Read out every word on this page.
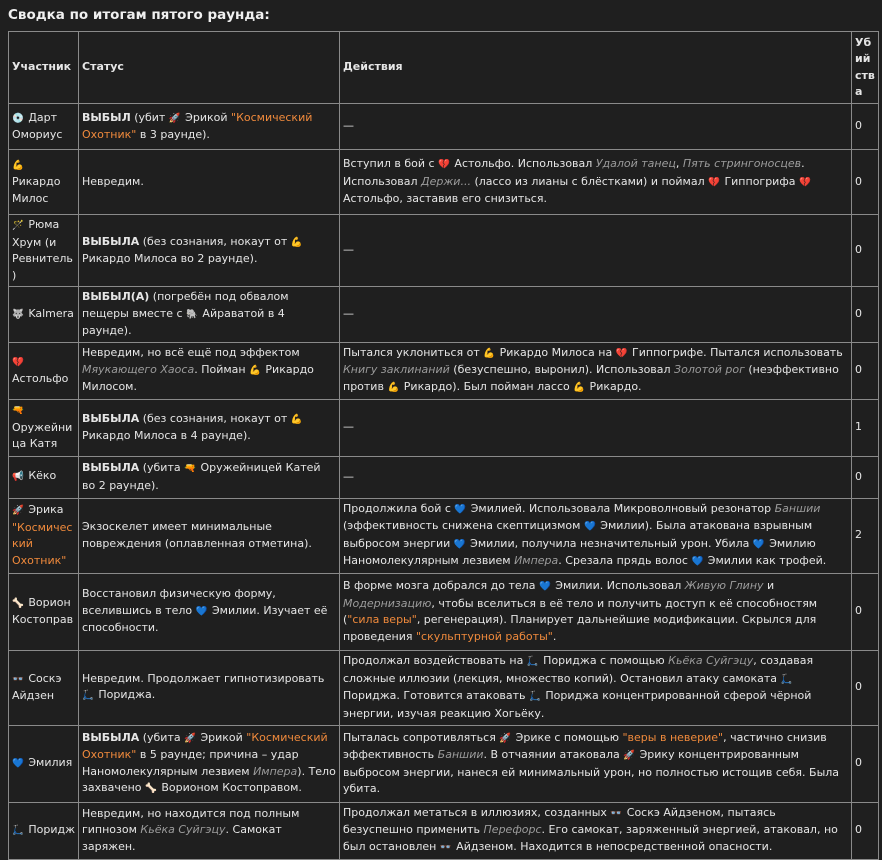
Сводка по итогам пятого раунда:
Участник	Статус	Действия	Убийства
💿 Дарт Омориус	ВЫБЫЛ (убит 🚀 Эрикой "Космический Охотник" в 3 раунде).	—	0
💪 Рикардо Милос	Невредим.	Вступил в бой с 💔 Астольфо. Использовал Удалой танец, Пять стрингоносцев. Использовал Держи... (лассо из лианы с блёстками) и поймал 💔 Гиппогрифа 💔 Астольфо, заставив его снизиться.	0
🪄 Рюма Хрум (и Ревнитель)	ВЫБЫЛА (без сознания, нокаут от 💪 Рикардо Милоса во 2 раунде).	—	0
🐺 Kalmera	ВЫБЫЛ(А) (погребён под обвалом пещеры вместе с 🐘 Айраватой в 4 раунде).	—	0
💔 Астольфо	Невредим, но всё ещё под эффектом Мяукающего Хаоса. Пойман 💪 Рикардо Милосом.	Пытался уклониться от 💪 Рикардо Милоса на 💔 Гиппогрифе. Пытался использовать Книгу заклинаний (безуспешно, выронил). Использовал Золотой рог (неэффективно против 💪 Рикардо). Был пойман лассо 💪 Рикардо.	0
🔫 Оружейница Катя	ВЫБЫЛА (без сознания, нокаут от 💪 Рикардо Милоса в 4 раунде).	—	1
📢 Кёко	ВЫБЫЛА (убита 🔫 Оружейницей Катей во 2 раунде).	—	0
🚀 Эрика "Космический Охотник"	Экзоскелет имеет минимальные повреждения (оплавленная отметина).	Продолжила бой с 💙 Эмилией. Использовала Микроволновый резонатор Баншии (эффективность снижена скептицизмом 💙 Эмилии). Была атакована взрывным выбросом энергии 💙 Эмилии, получила незначительный урон. Убила 💙 Эмилию Наномолекулярным лезвием Импера. Срезала прядь волос 💙 Эмилии как трофей.	2
🦴 Ворион Костоправ	Восстановил физическую форму, вселившись в тело 💙 Эмилии. Изучает её способности.	В форме мозга добрался до тела 💙 Эмилии. Использовал Живую Глину и Модернизацию, чтобы вселиться в её тело и получить доступ к её способностям ("сила веры", регенерация). Планирует дальнейшие модификации. Скрылся для проведения "скульптурной работы".	0
👓 Соскэ Айдзен	Невредим. Продолжает гипнотизировать 🛴 Пориджа.	Продолжал воздействовать на 🛴 Пориджа с помощью Кьёка Суйгэцу, создавая сложные иллюзии (лекция, множество копий). Остановил атаку самоката 🛴 Пориджа. Готовится атаковать 🛴 Пориджа концентрированной сферой чёрной энергии, изучая реакцию Хогьёку.	0
💙 Эмилия	ВЫБЫЛА (убита 🚀 Эрикой "Космический Охотник" в 5 раунде; причина – удар Наномолекулярным лезвием Импера). Тело захвачено 🦴 Ворионом Костоправом.	Пыталась сопротивляться 🚀 Эрике с помощью "веры в неверие", частично снизив эффективность Баншии. В отчаянии атаковала 🚀 Эрику концентрированным выбросом энергии, нанеся ей минимальный урон, но полностью истощив себя. Была убита.	0
🛴 Поридж	Невредим, но находится под полным гипнозом Кьёка Суйгэцу. Самокат заряжен.	Продолжал метаться в иллюзиях, созданных 👓 Соскэ Айдзеном, пытаясь безуспешно применить Перефорс. Его самокат, заряженный энергией, атаковал, но был остановлен 👓 Айдзеном. Находится в непосредственной опасности.	0
